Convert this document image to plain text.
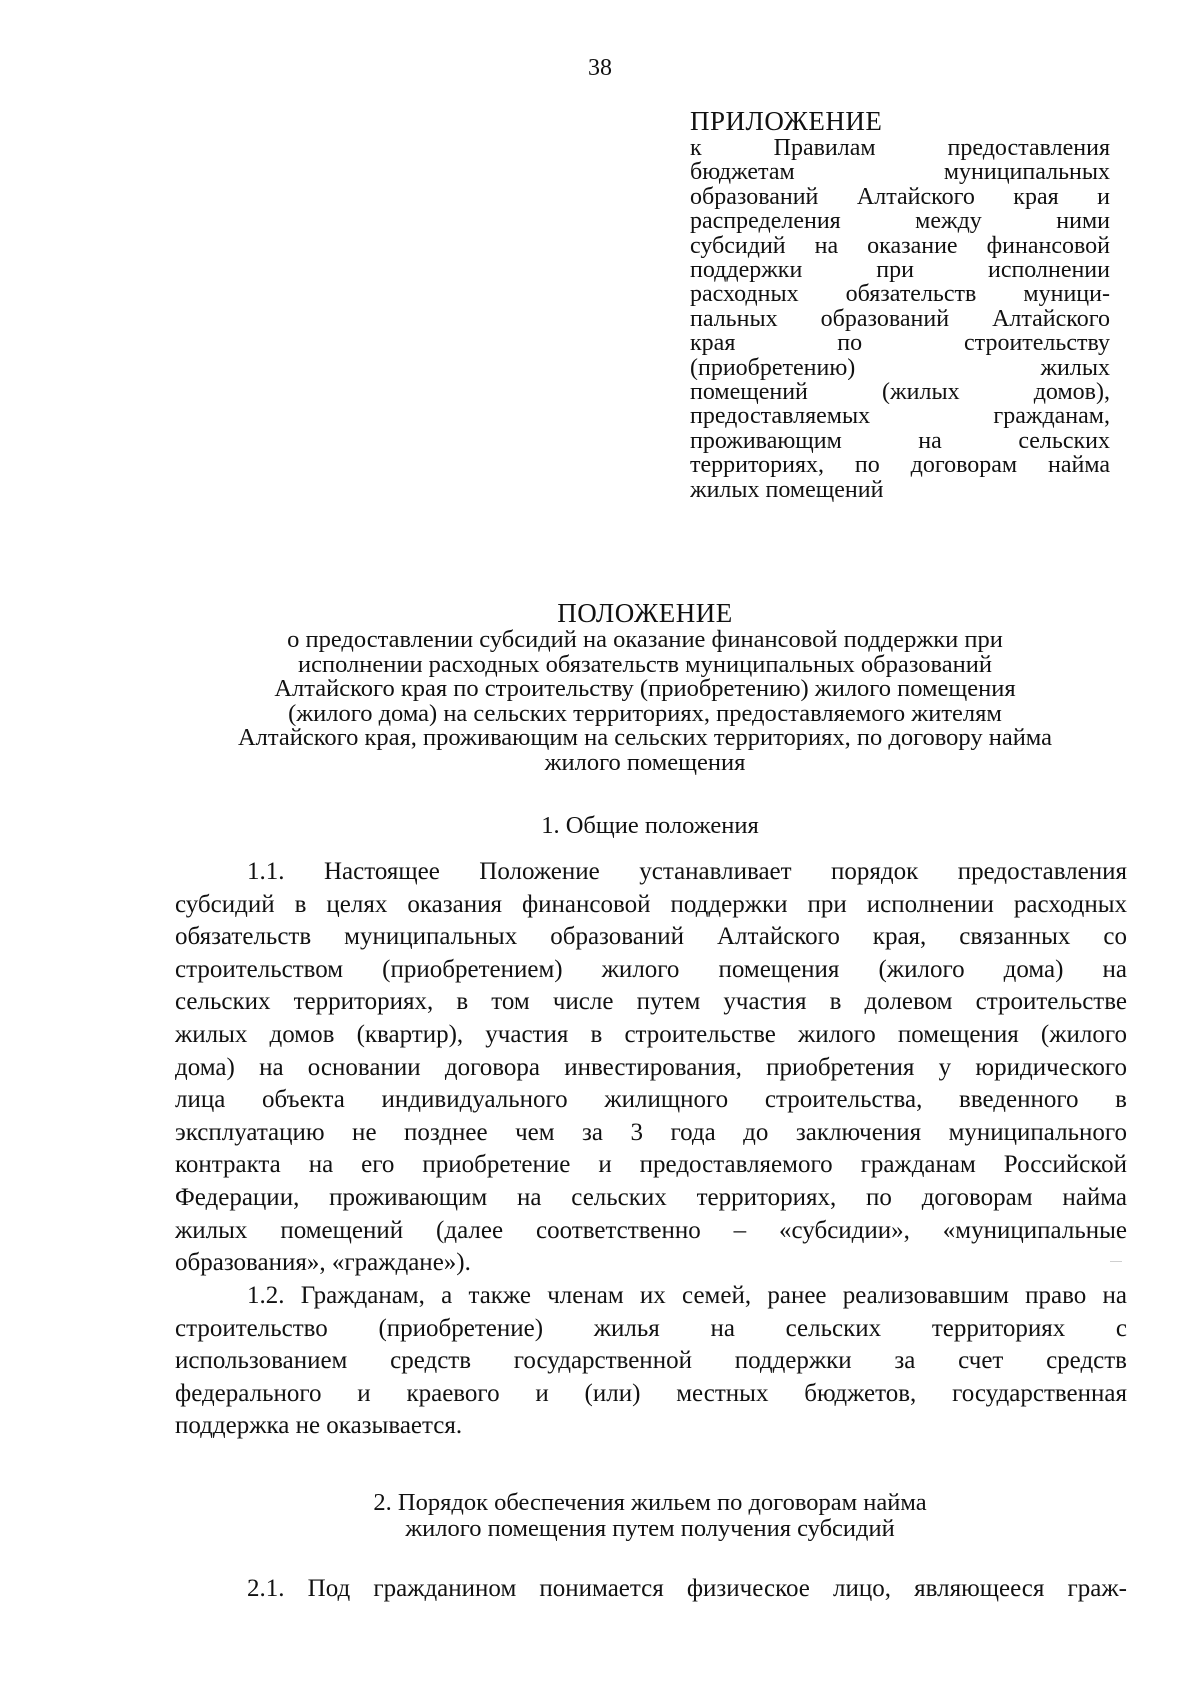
38
ПРИЛОЖЕНИЕ
к Правилам предоставления
бюджетам муниципальных
образований Алтайского края и
распределения между ними
субсидий на оказание финансовой
поддержки при исполнении
расходных обязательств муници-
пальных образований Алтайского
края по строительству
(приобретению) жилых
помещений (жилых домов),
предоставляемых гражданам,
проживающим на сельских
территориях, по договорам найма
жилых помещений
ПОЛОЖЕНИЕ
о предоставлении субсидий на оказание финансовой поддержки при
исполнении расходных обязательств муниципальных образований
Алтайского края по строительству (приобретению) жилого помещения
(жилого дома) на сельских территориях, предоставляемого жителям
Алтайского края, проживающим на сельских территориях, по договору найма
жилого помещения
1. Общие положения
1.1. Настоящее Положение устанавливает порядок предоставления
субсидий в целях оказания финансовой поддержки при исполнении расходных
обязательств муниципальных образований Алтайского края, связанных со
строительством (приобретением) жилого помещения (жилого дома) на
сельских территориях, в том числе путем участия в долевом строительстве
жилых домов (квартир), участия в строительстве жилого помещения (жилого
дома) на основании договора инвестирования, приобретения у юридического
лица объекта индивидуального жилищного строительства, введенного в
эксплуатацию не позднее чем за 3 года до заключения муниципального
контракта на его приобретение и предоставляемого гражданам Российской
Федерации, проживающим на сельских территориях, по договорам найма
жилых помещений (далее соответственно – «субсидии», «муниципальные
образования», «граждане»).
1.2. Гражданам, а также членам их семей, ранее реализовавшим право на
строительство (приобретение) жилья на сельских территориях с
использованием средств государственной поддержки за счет средств
федерального и краевого и (или) местных бюджетов, государственная
поддержка не оказывается.
2. Порядок обеспечения жильем по договорам найма
жилого помещения путем получения субсидий
2.1. Под гражданином понимается физическое лицо, являющееся граж-
